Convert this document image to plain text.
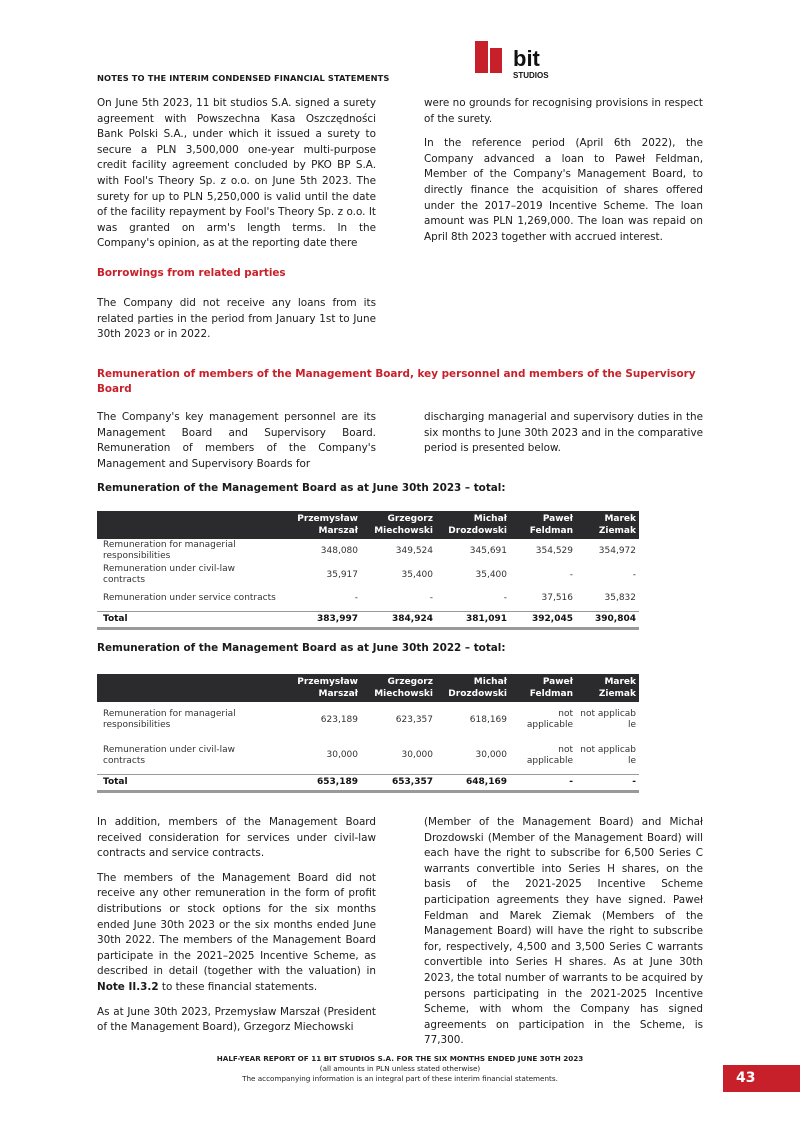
NOTES TO THE INTERIM CONDENSED FINANCIAL STATEMENTS
bit
STUDIOS

On June 5th 2023, 11 bit studios S.A. signed a surety agreement with Powszechna Kasa Oszczędności Bank Polski S.A., under which it issued a surety to secure a PLN 3,500,000 one-year multi-purpose credit facility agreement concluded by PKO BP S.A. with Fool's Theory Sp. z o.o. on June 5th 2023. The surety for up to PLN 5,250,000 is valid until the date of the facility repayment by Fool's Theory Sp. z o.o. It was granted on arm's length terms. In the Company's opinion, as at the reporting date there

were no grounds for recognising provisions in respect of the surety.

In the reference period (April 6th 2022), the Company advanced a loan to Paweł Feldman, Member of the Company's Management Board, to directly finance the acquisition of shares offered under the 2017–2019 Incentive Scheme. The loan amount was PLN 1,269,000. The loan was repaid on April 8th 2023 together with accrued interest.

Borrowings from related parties

The Company did not receive any loans from its related parties in the period from January 1st to June 30th 2023 or in 2022.

Remuneration of members of the Management Board, key personnel and members of the Supervisory Board

The Company's key management personnel are its Management Board and Supervisory Board. Remuneration of members of the Company's Management and Supervisory Boards for

discharging managerial and supervisory duties in the six months to June 30th 2023 and in the comparative period is presented below.

Remuneration of the Management Board as at June 30th 2023 – total:
	Przemysław Marszał	Grzegorz Miechowski	Michał Drozdowski	Paweł Feldman	Marek Ziemak
Remuneration for managerial responsibilities	348,080	349,524	345,691	354,529	354,972
Remuneration under civil-law contracts	35,917	35,400	35,400	-	-
Remuneration under service contracts	-	-	-	37,516	35,832
Total	383,997	384,924	381,091	392,045	390,804
Remuneration of the Management Board as at June 30th 2022 – total:
	Przemysław Marszał	Grzegorz Miechowski	Michał Drozdowski	Paweł Feldman	Marek Ziemak
Remuneration for managerial responsibilities	623,189	623,357	618,169	not applicable	not applicab le
Remuneration under civil-law contracts	30,000	30,000	30,000	not applicable	not applicab le
Total	653,189	653,357	648,169	-	-

In addition, members of the Management Board received consideration for services under civil-law contracts and service contracts.

The members of the Management Board did not receive any other remuneration in the form of profit distributions or stock options for the six months ended June 30th 2023 or the six months ended June 30th 2022. The members of the Management Board participate in the 2021–2025 Incentive Scheme, as described in detail (together with the valuation) in Note II.3.2 to these financial statements.

As at June 30th 2023, Przemysław Marszał (President of the Management Board), Grzegorz Miechowski

(Member of the Management Board) and Michał Drozdowski (Member of the Management Board) will each have the right to subscribe for 6,500 Series C warrants convertible into Series H shares, on the basis of the 2021-2025 Incentive Scheme participation agreements they have signed. Paweł Feldman and Marek Ziemak (Members of the Management Board) will have the right to subscribe for, respectively, 4,500 and 3,500 Series C warrants convertible into Series H shares. As at June 30th 2023, the total number of warrants to be acquired by persons participating in the 2021-2025 Incentive Scheme, with whom the Company has signed agreements on participation in the Scheme, is 77,300.

HALF-YEAR REPORT OF 11 BIT STUDIOS S.A. FOR THE SIX MONTHS ENDED JUNE 30TH 2023
(all amounts in PLN unless stated otherwise)
The accompanying information is an integral part of these interim financial statements.	43
